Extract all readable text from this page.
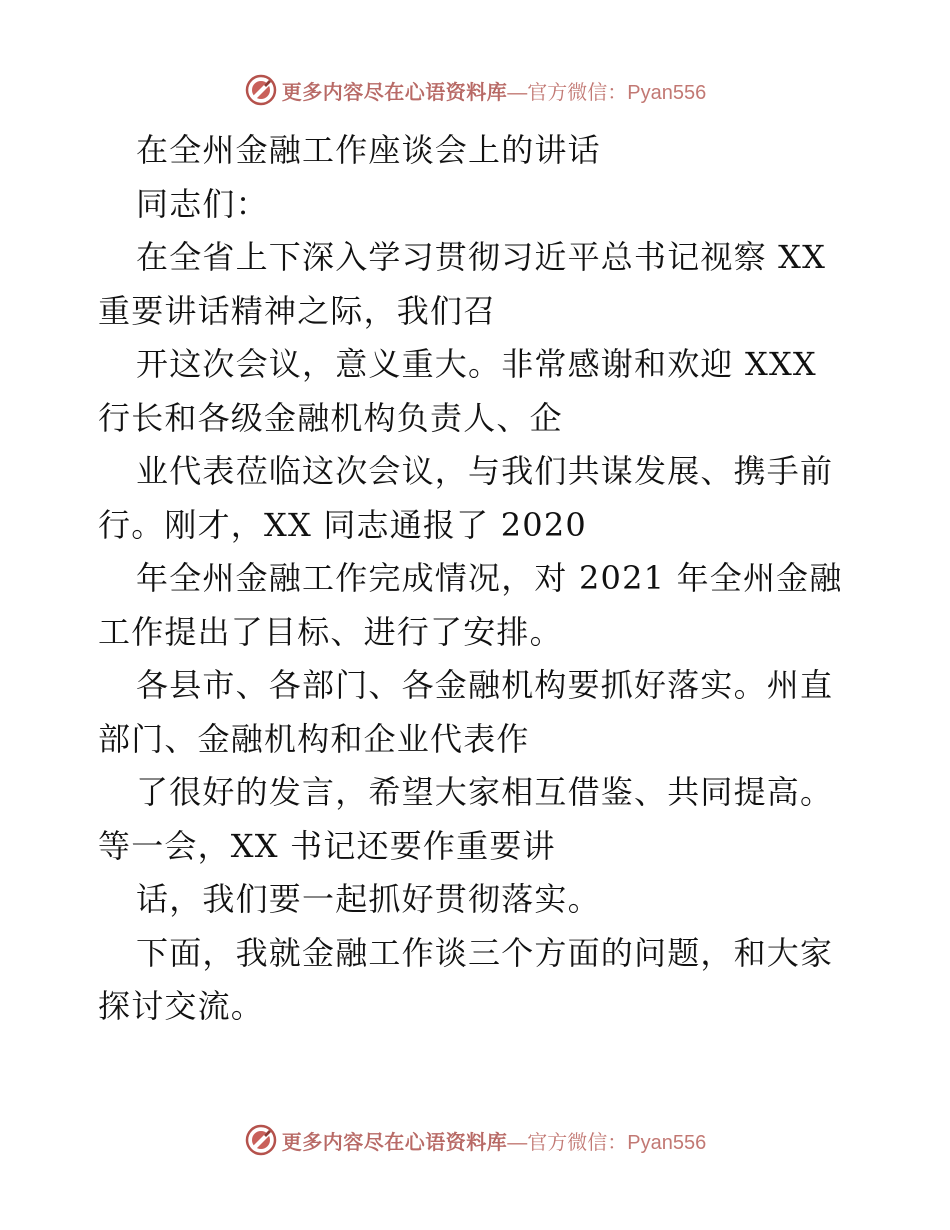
更多内容尽在心语资料库 —官方微信：Pyan556
在全州金融工作座谈会上的讲话
同志们：
在全省上下深入学习贯彻习近平总书记视察 XX
重要讲话精神之际，我们召
开这次会议，意义重大。非常感谢和欢迎 XXX
行长和各级金融机构负责人、企
业代表莅临这次会议，与我们共谋发展、携手前
行。刚才，XX 同志通报了 2020
年全州金融工作完成情况，对 2021 年全州金融
工作提出了目标、进行了安排。
各县市、各部门、各金融机构要抓好落实。州直
部门、金融机构和企业代表作
了很好的发言，希望大家相互借鉴、共同提高。
等一会，XX 书记还要作重要讲
话，我们要一起抓好贯彻落实。
下面，我就金融工作谈三个方面的问题，和大家
探讨交流。
更多内容尽在心语资料库 —官方微信：Pyan556
